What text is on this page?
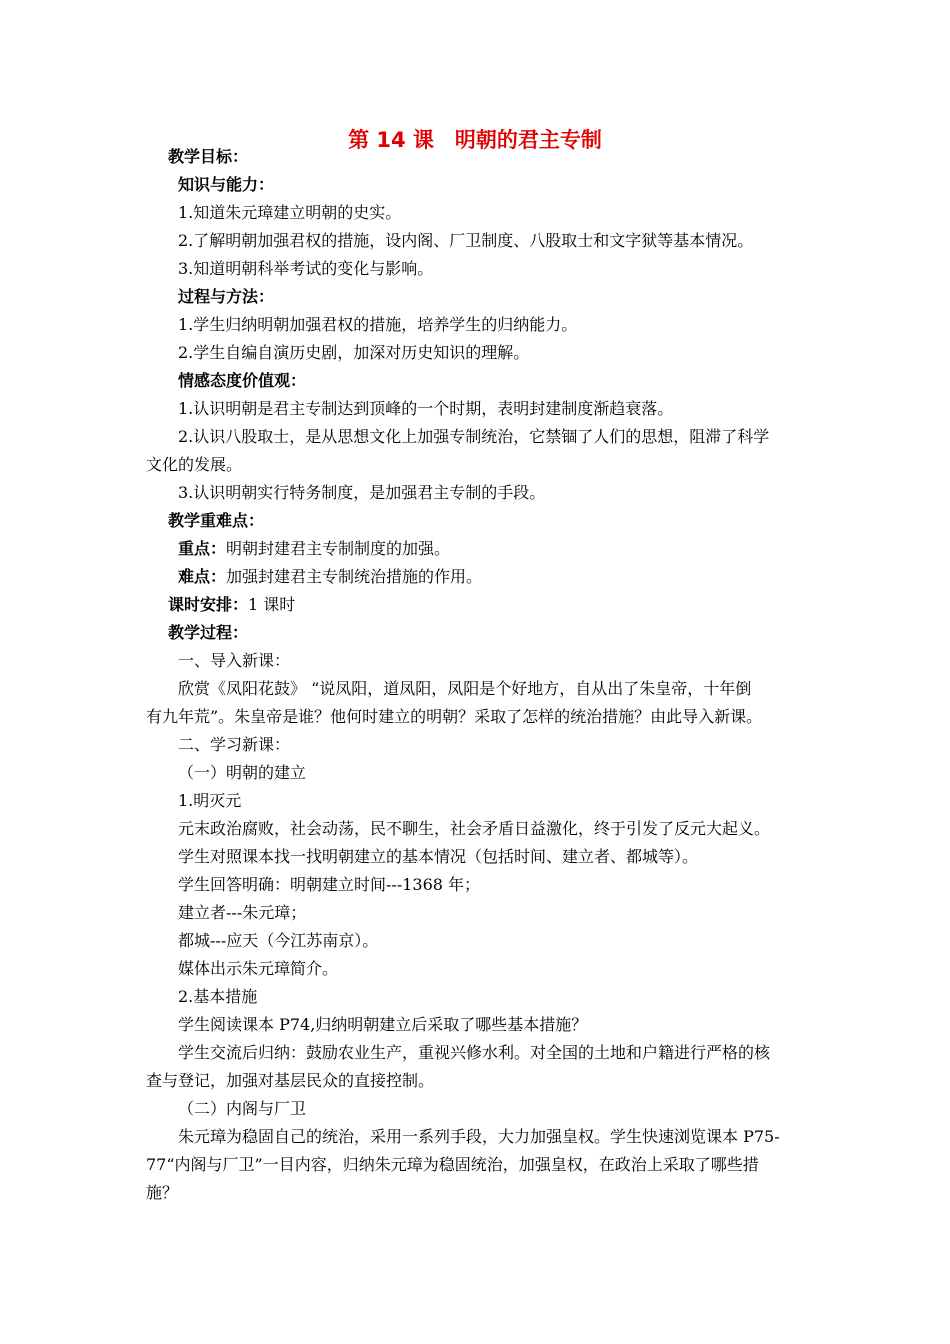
第 14 课　明朝的君主专制
教学目标：
知识与能力：
1.知道朱元璋建立明朝的史实。
2.了解明朝加强君权的措施，设内阁、厂卫制度、八股取士和文字狱等基本情况。
3.知道明朝科举考试的变化与影响。
过程与方法：
1.学生归纳明朝加强君权的措施，培养学生的归纳能力。
2.学生自编自演历史剧，加深对历史知识的理解。
情感态度价值观：
1.认识明朝是君主专制达到顶峰的一个时期，表明封建制度渐趋衰落。
2.认识八股取士，是从思想文化上加强专制统治，它禁锢了人们的思想，阻滞了科学
文化的发展。
3.认识明朝实行特务制度，是加强君主专制的手段。
教学重难点：
重点：明朝封建君主专制制度的加强。
难点：加强封建君主专制统治措施的作用。
课时安排：1 课时
教学过程：
一、导入新课：
欣赏《凤阳花鼓》 “说凤阳，道凤阳，凤阳是个好地方，自从出了朱皇帝，十年倒
有九年荒”。朱皇帝是谁？他何时建立的明朝？采取了怎样的统治措施？由此导入新课。
二、学习新课：
（一）明朝的建立
1.明灭元
元末政治腐败，社会动荡，民不聊生，社会矛盾日益激化，终于引发了反元大起义。
学生对照课本找一找明朝建立的基本情况（包括时间、建立者、都城等）。
学生回答明确：明朝建立时间---1368 年；
建立者---朱元璋；
都城---应天（今江苏南京）。
媒体出示朱元璋简介。
2.基本措施
学生阅读课本 P74,归纳明朝建立后采取了哪些基本措施？
学生交流后归纳：鼓励农业生产，重视兴修水利。对全国的土地和户籍进行严格的核
查与登记，加强对基层民众的直接控制。
（二）内阁与厂卫
朱元璋为稳固自己的统治，采用一系列手段，大力加强皇权。学生快速浏览课本 P75-
77“内阁与厂卫”一目内容，归纳朱元璋为稳固统治，加强皇权，在政治上采取了哪些措
施？
